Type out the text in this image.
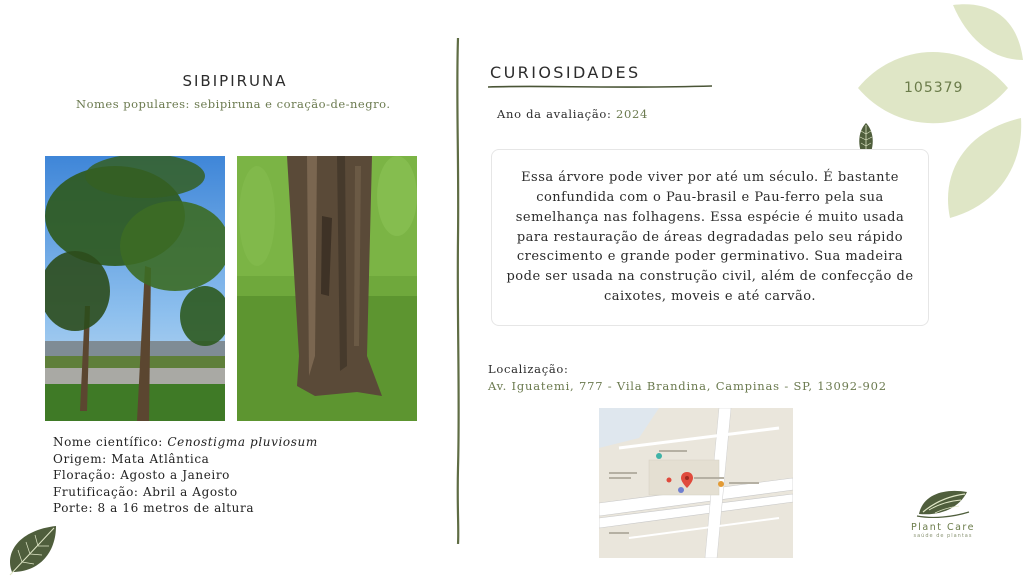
SIBIPIRUNA
Nomes populares: sebipiruna e coração-de-negro.
Nome científico: Cenostigma pluviosum
Origem: Mata Atlântica
Floração: Agosto a Janeiro
Frutificação: Abril a Agosto
Porte: 8 a 16 metros de altura
CURIOSIDADES
Ano da avaliação: 2024
Essa árvore pode viver por até um século. É bastante confundida com o Pau-brasil e Pau-ferro pela sua semelhança nas folhagens. Essa espécie é muito usada para restauração de áreas degradadas pelo seu rápido crescimento e grande poder germinativo. Sua madeira pode ser usada na construção civil, além de confecção de caixotes, moveis e até carvão.
Localização:
Av. Iguatemi, 777 - Vila Brandina, Campinas - SP, 13092-902
105379
Plant Care
saúde de plantas
